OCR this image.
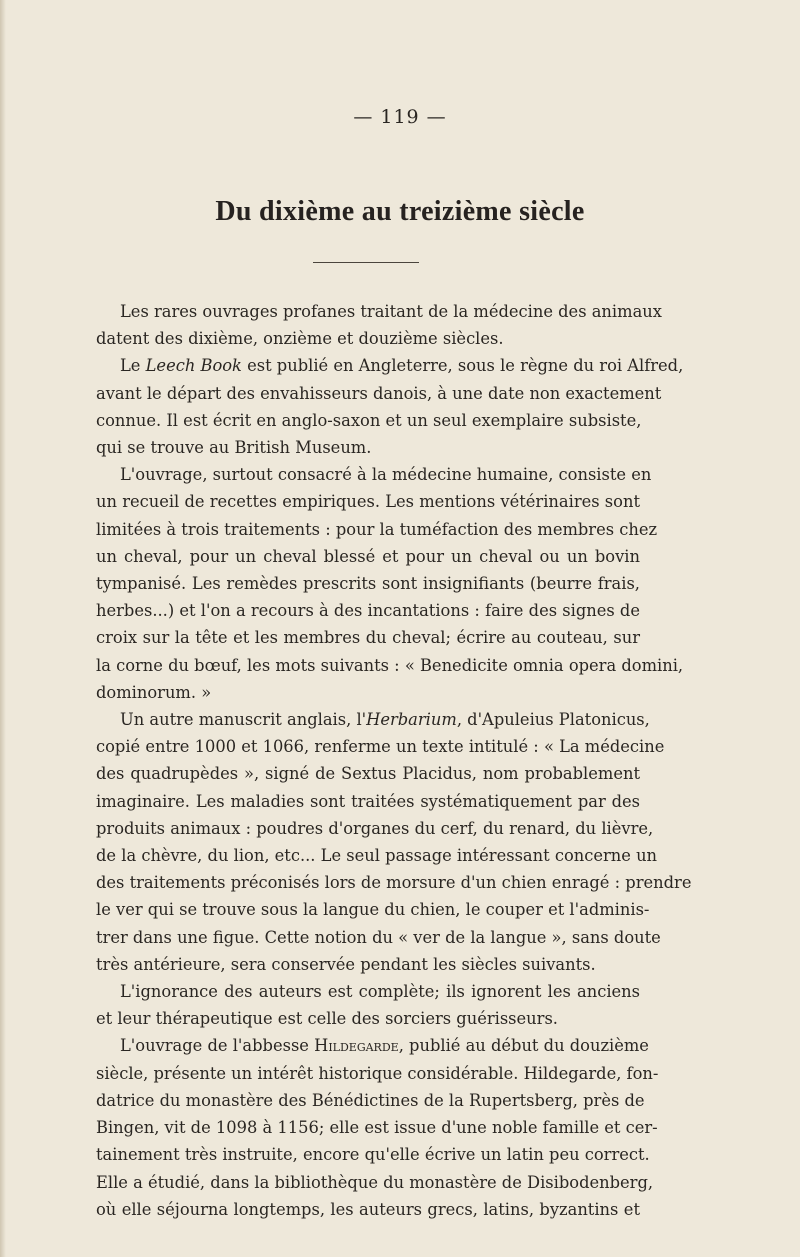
— 119 —
Du dixième au treizième siècle
Les rares ouvrages profanes traitant de la médecine des animaux
datent des dixième, onzième et douzième siècles.
Le Leech Book est publié en Angleterre, sous le règne du roi Alfred,
avant le départ des envahisseurs danois, à une date non exactement
connue. Il est écrit en anglo-saxon et un seul exemplaire subsiste,
qui se trouve au British Museum.
L'ouvrage, surtout consacré à la médecine humaine, consiste en
un recueil de recettes empiriques. Les mentions vétérinaires sont
limitées à trois traitements : pour la tuméfaction des membres chez
un cheval, pour un cheval blessé et pour un cheval ou un bovin
tympanisé. Les remèdes prescrits sont insignifiants (beurre frais,
herbes...) et l'on a recours à des incantations : faire des signes de
croix sur la tête et les membres du cheval; écrire au couteau, sur
la corne du bœuf, les mots suivants : « Benedicite omnia opera domini,
dominorum. »
Un autre manuscrit anglais, l'Herbarium, d'Apuleius Platonicus,
copié entre 1000 et 1066, renferme un texte intitulé : « La médecine
des quadrupèdes », signé de Sextus Placidus, nom probablement
imaginaire. Les maladies sont traitées systématiquement par des
produits animaux : poudres d'organes du cerf, du renard, du lièvre,
de la chèvre, du lion, etc... Le seul passage intéressant concerne un
des traitements préconisés lors de morsure d'un chien enragé : prendre
le ver qui se trouve sous la langue du chien, le couper et l'adminis-
trer dans une figue. Cette notion du « ver de la langue », sans doute
très antérieure, sera conservée pendant les siècles suivants.
L'ignorance des auteurs est complète; ils ignorent les anciens
et leur thérapeutique est celle des sorciers guérisseurs.
L'ouvrage de l'abbesse Hildegarde, publié au début du douzième
siècle, présente un intérêt historique considérable. Hildegarde, fon-
datrice du monastère des Bénédictines de la Rupertsberg, près de
Bingen, vit de 1098 à 1156; elle est issue d'une noble famille et cer-
tainement très instruite, encore qu'elle écrive un latin peu correct.
Elle a étudié, dans la bibliothèque du monastère de Disibodenberg,
où elle séjourna longtemps, les auteurs grecs, latins, byzantins et
